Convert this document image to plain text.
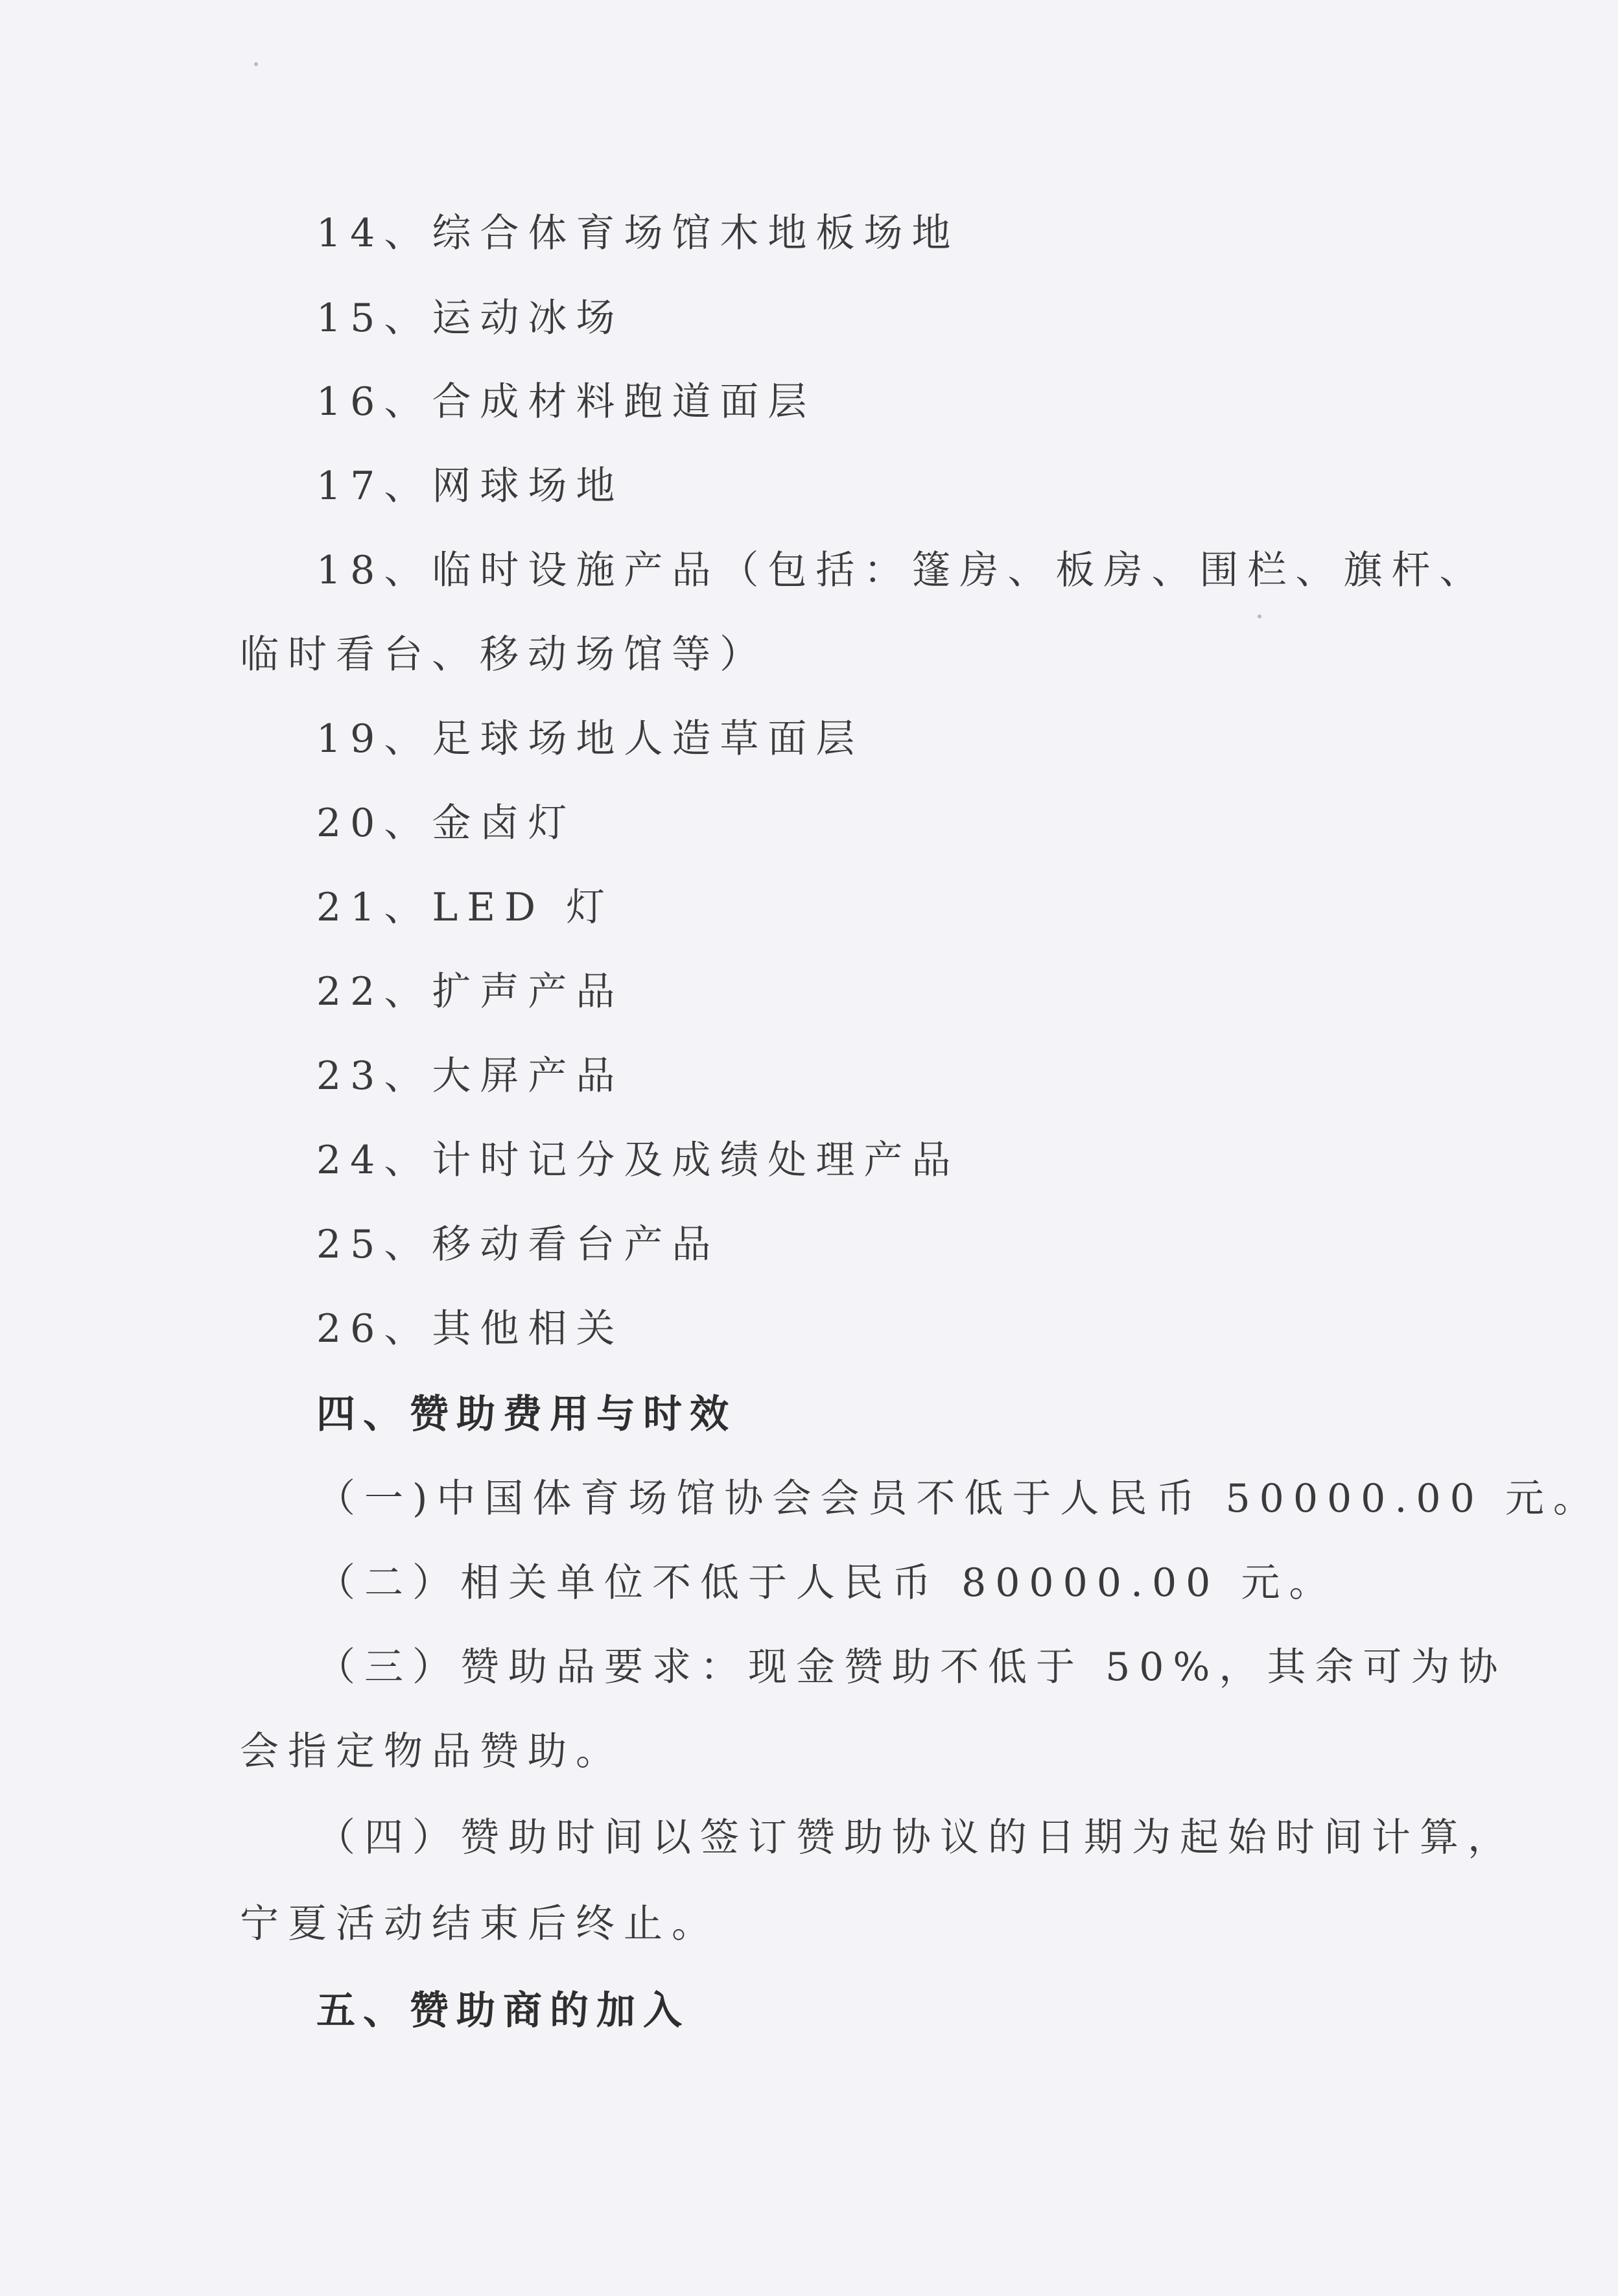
14、综合体育场馆木地板场地
15、运动冰场
16、合成材料跑道面层
17、网球场地
18、临时设施产品（包括：篷房、板房、围栏、旗杆、
临时看台、移动场馆等）
19、足球场地人造草面层
20、金卤灯
21、LED 灯
22、扩声产品
23、大屏产品
24、计时记分及成绩处理产品
25、移动看台产品
26、其他相关
四、赞助费用与时效
（一)中国体育场馆协会会员不低于人民币 50000.00 元。
（二）相关单位不低于人民币 80000.00 元。
（三）赞助品要求：现金赞助不低于 50%，其余可为协
会指定物品赞助。
（四）赞助时间以签订赞助协议的日期为起始时间计算，
宁夏活动结束后终止。
五、赞助商的加入
